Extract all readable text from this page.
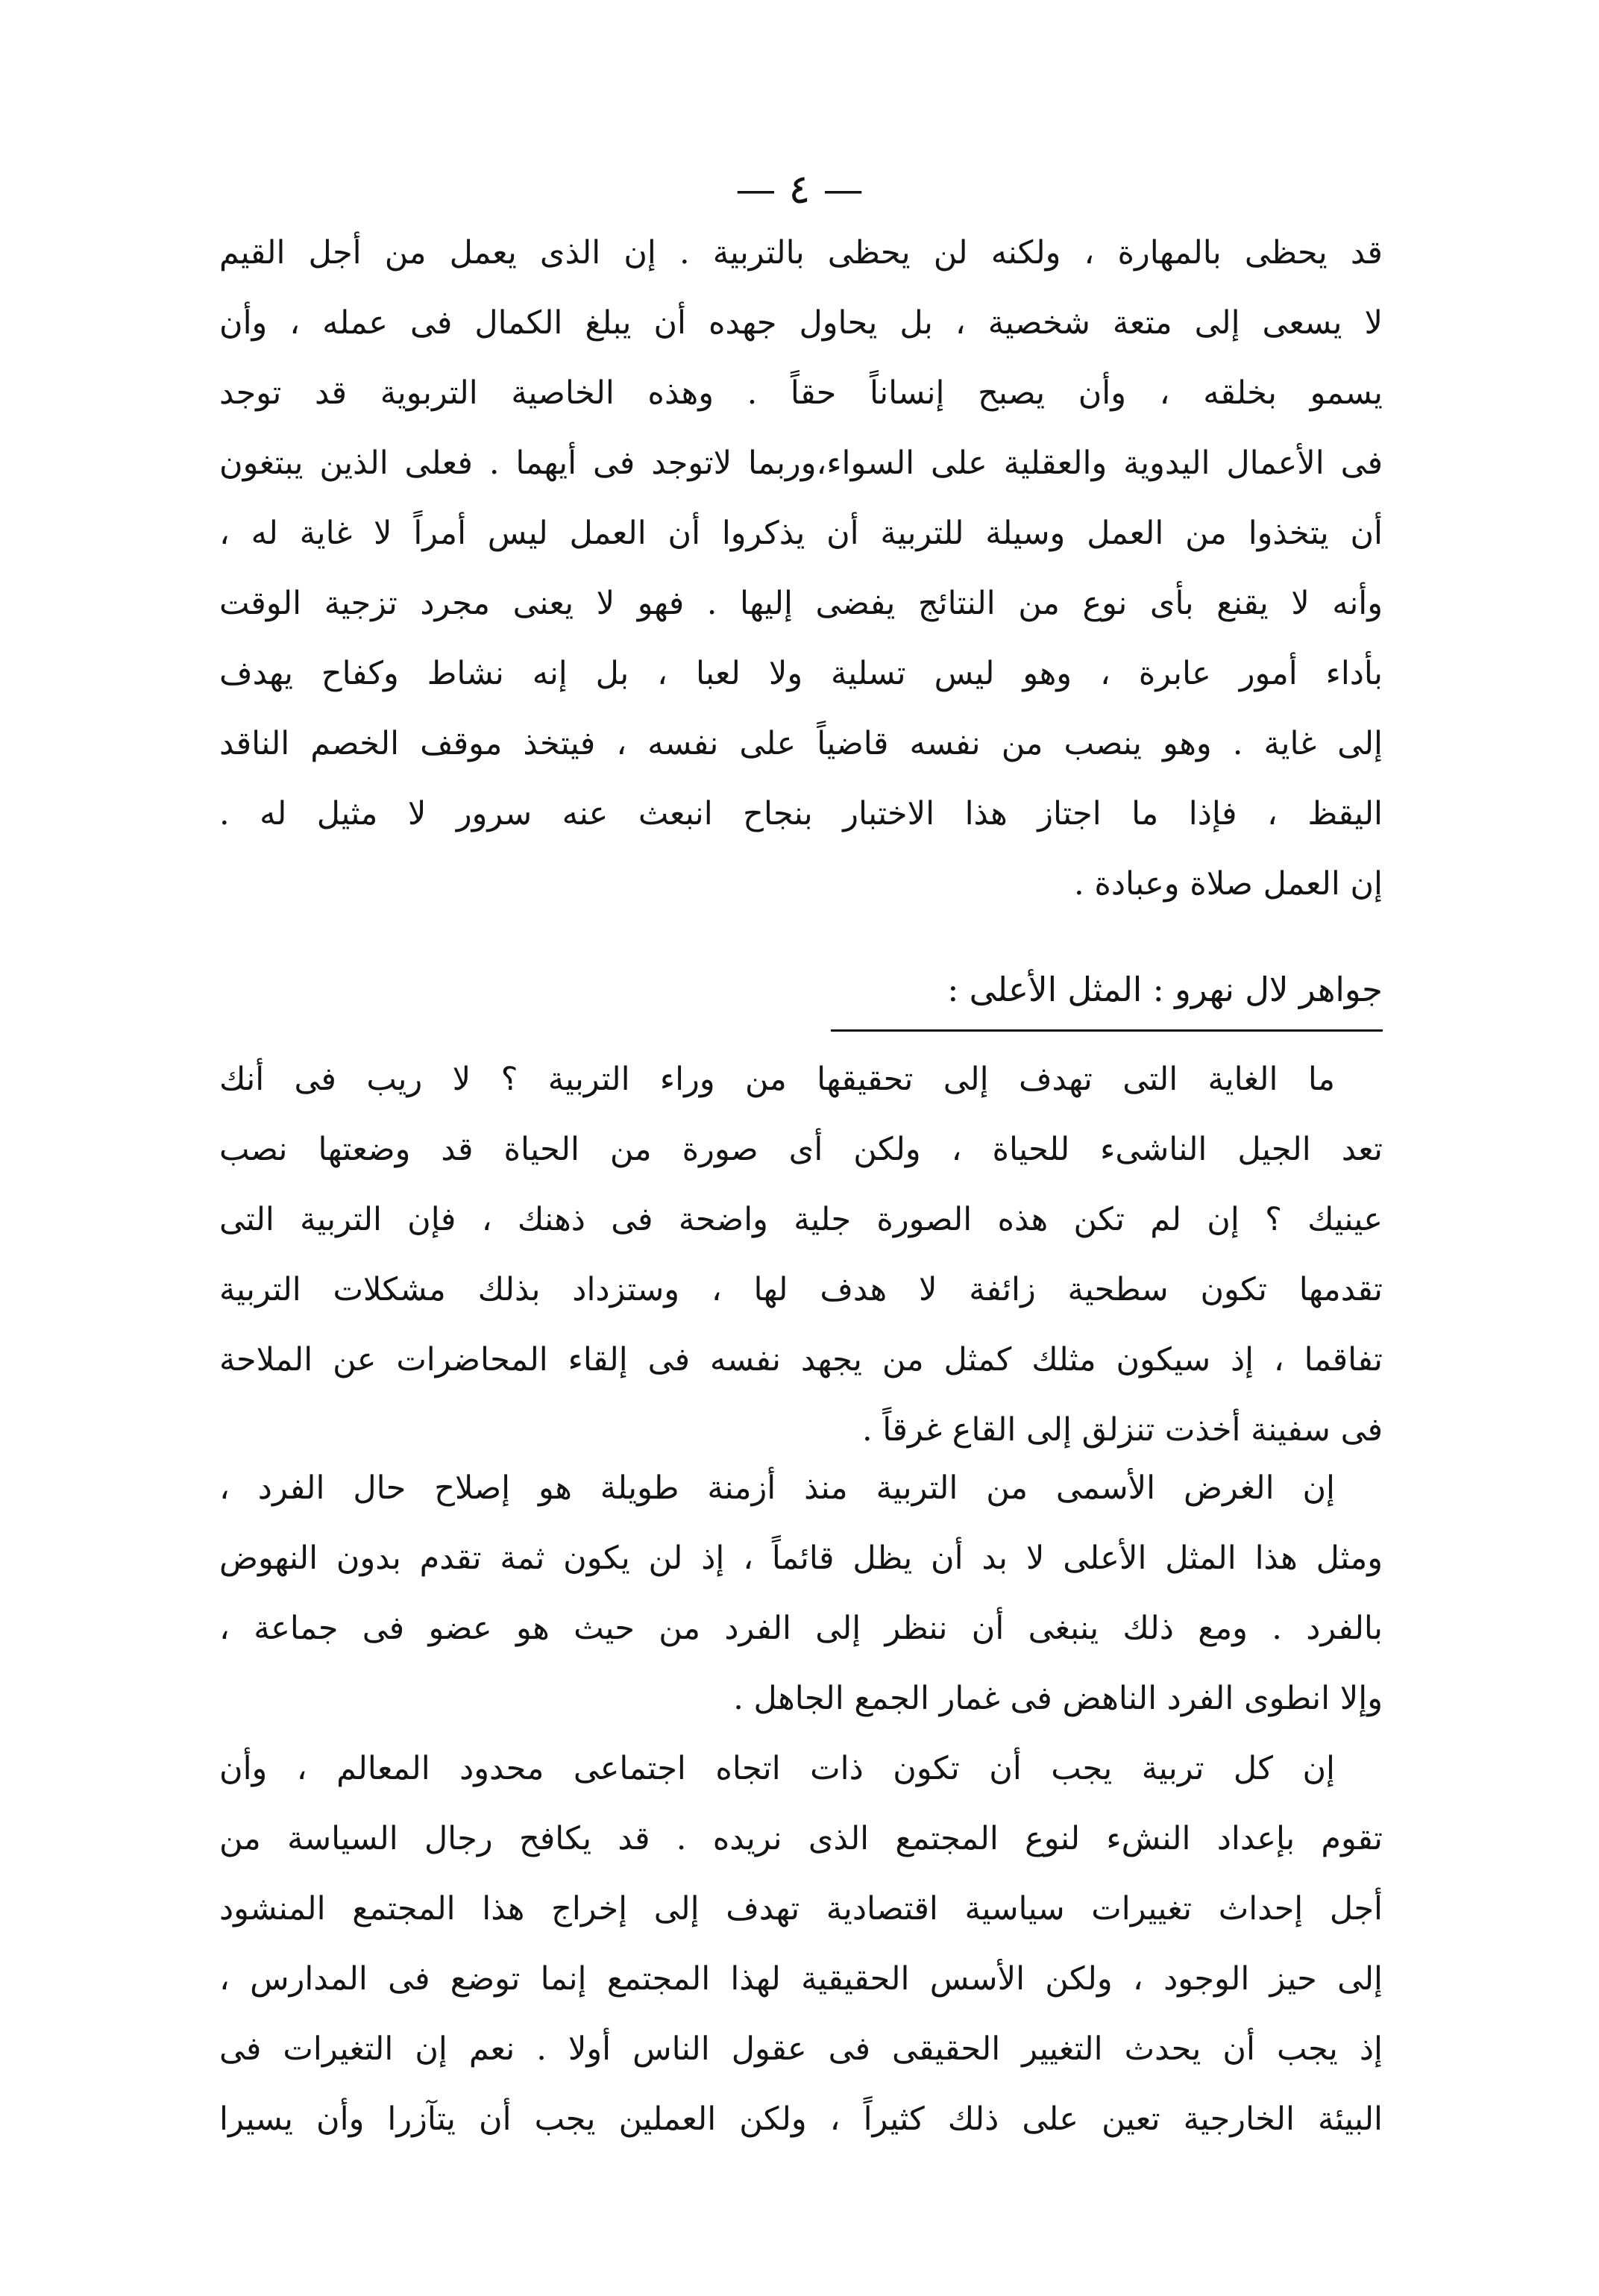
— ٤ —
قد يحظى بالمهارة ، ولكنه لن يحظى بالتربية . إن الذى يعمل من أجل القيم
لا يسعى إلى متعة شخصية ، بل يحاول جهده أن يبلغ الكمال فى عمله ، وأن
يسمو بخلقه ، وأن يصبح إنساناً حقاً . وهذه الخاصية التربوية قد توجد
فى الأعمال اليدوية والعقلية على السواء،وربما لاتوجد فى أيهما . فعلى الذين يبتغون
أن يتخذوا من العمل وسيلة للتربية أن يذكروا أن العمل ليس أمراً لا غاية له ،
وأنه لا يقنع بأى نوع من النتائج يفضى إليها . فهو لا يعنى مجرد تزجية الوقت
بأداء أمور عابرة ، وهو ليس تسلية ولا لعبا ، بل إنه نشاط وكفاح يهدف
إلى غاية . وهو ينصب من نفسه قاضياً على نفسه ، فيتخذ موقف الخصم الناقد
اليقظ ، فإذا ما اجتاز هذا الاختبار بنجاح انبعث عنه سرور لا مثيل له .
إن العمل صلاة وعبادة .
جواهر لال نهرو : المثل الأعلى :
ما الغاية التى تهدف إلى تحقيقها من وراء التربية ؟ لا ريب فى أنك
تعد الجيل الناشىء للحياة ، ولكن أى صورة من الحياة قد وضعتها نصب
عينيك ؟ إن لم تكن هذه الصورة جلية واضحة فى ذهنك ، فإن التربية التى
تقدمها تكون سطحية زائفة لا هدف لها ، وستزداد بذلك مشكلات التربية
تفاقما ، إذ سيكون مثلك كمثل من يجهد نفسه فى إلقاء المحاضرات عن الملاحة
فى سفينة أخذت تنزلق إلى القاع غرقاً .
إن الغرض الأسمى من التربية منذ أزمنة طويلة هو إصلاح حال الفرد ،
ومثل هذا المثل الأعلى لا بد أن يظل قائماً ، إذ لن يكون ثمة تقدم بدون النهوض
بالفرد . ومع ذلك ينبغى أن ننظر إلى الفرد من حيث هو عضو فى جماعة ،
وإلا انطوى الفرد الناهض فى غمار الجمع الجاهل .
إن كل تربية يجب أن تكون ذات اتجاه اجتماعى محدود المعالم ، وأن
تقوم بإعداد النشء لنوع المجتمع الذى نريده . قد يكافح رجال السياسة من
أجل إحداث تغييرات سياسية اقتصادية تهدف إلى إخراج هذا المجتمع المنشود
إلى حيز الوجود ، ولكن الأسس الحقيقية لهذا المجتمع إنما توضع فى المدارس ،
إذ يجب أن يحدث التغيير الحقيقى فى عقول الناس أولا . نعم إن التغيرات فى
البيئة الخارجية تعين على ذلك كثيراً ، ولكن العملين يجب أن يتآزرا وأن يسيرا
